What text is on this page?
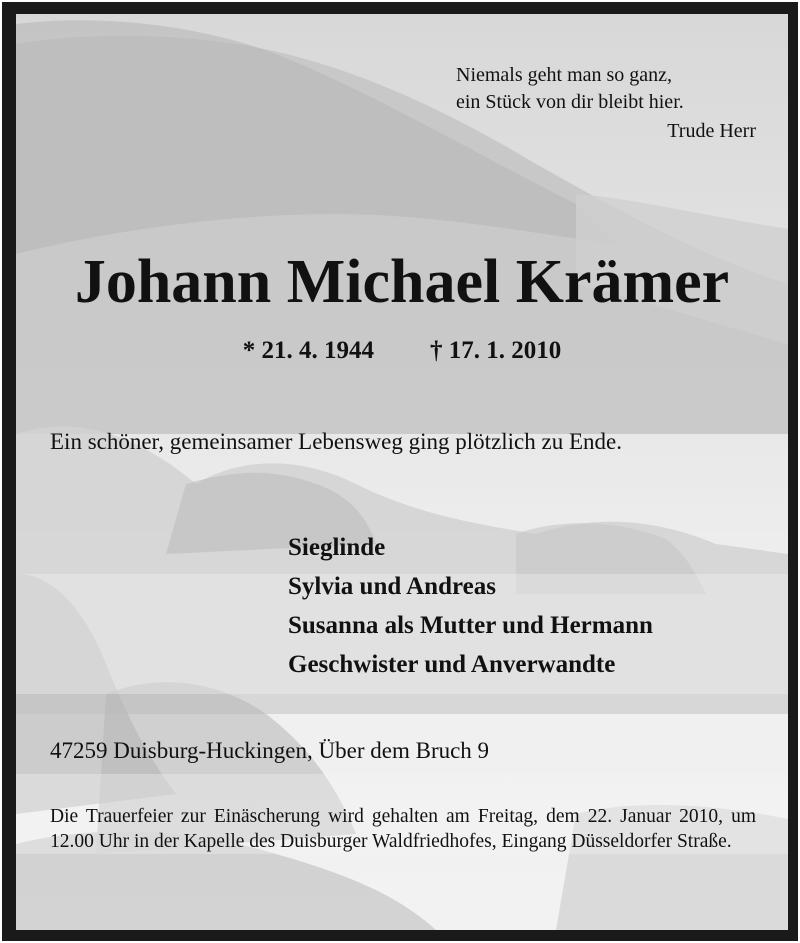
Niemals geht man so ganz,
ein Stück von dir bleibt hier.
Trude Herr
Johann Michael Krämer
* 21. 4. 1944 † 17. 1. 2010
Ein schöner, gemeinsamer Lebensweg ging plötzlich zu Ende.
Sieglinde
Sylvia und Andreas
Susanna als Mutter und Hermann
Geschwister und Anverwandte
47259 Duisburg-Huckingen, Über dem Bruch 9
Die Trauerfeier zur Einäscherung wird gehalten am Freitag, dem 22. Januar 2010, um 12.00 Uhr in der Kapelle des Duisburger Waldfriedhofes, Eingang Düsseldorfer Straße.
